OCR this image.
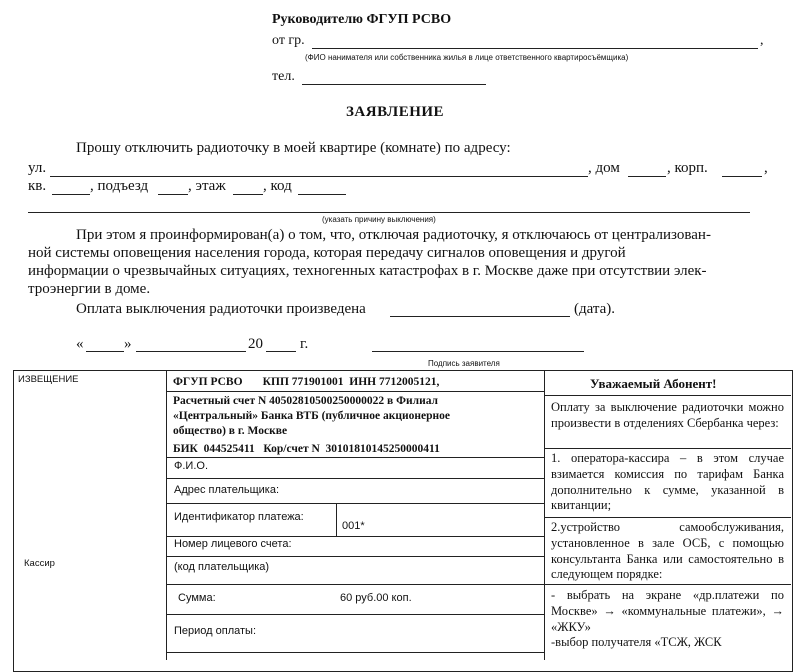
Руководителю ФГУП РСВО
от гр.	,
(ФИО нанимателя или собственника жилья в лице ответственного квартиросъёмщика)
тел.
ЗАЯВЛЕНИЕ
Прошу отключить радиоточку в моей квартире (комнате) по адресу:
ул.	, дом	, корп.	,
кв.	, подъезд	, этаж , код
(указать причину выключения)
При этом я проинформирован(а) о том, что, отключая радиоточку, я отключаюсь от централизован-
ной системы оповещения населения города, которая передачу сигналов оповещения и другой
информации о чрезвычайных ситуациях, техногенных катастрофах в г. Москве даже при отсутствии элек-
троэнергии в доме.
Оплата выключения радиоточки произведена	(дата).
«	»	20 г.
Подпись заявителя
ИЗВЕЩЕНИЕ
Кассир
ФГУП РСВО       КПП 771901001  ИНН 7712005121,
Расчетный счет N 40502810500250000022 в Филиал
«Центральный» Банка ВТБ (публичное акционерное
общество) в г. Москве
БИК  044525411   Кор/счет N  30101810145250000411
Ф.И.О.
Адрес плательщика:
Идентификатор платежа:
001*
Номер лицевого счета:
(код плательщика)
Сумма:	60 руб.00 коп.
Период оплаты:
Уважаемый Абонент!

Оплату за выключение радиоточки можно произвести в отделениях Сбербанка через:

1. оператора-кассира – в этом случае взимается комиссия по тарифам Банка дополнительно к сумме, указанной в квитанции;

2.устройство самообслуживания, установленное в зале ОСБ, с помощью консультанта Банка или самостоятельно в следующем порядке:

- выбрать на экране «др.платежи по Москве» → «коммунальные платежи», → «ЖКУ»

-выбор получателя «ТСЖ, ЖСК
